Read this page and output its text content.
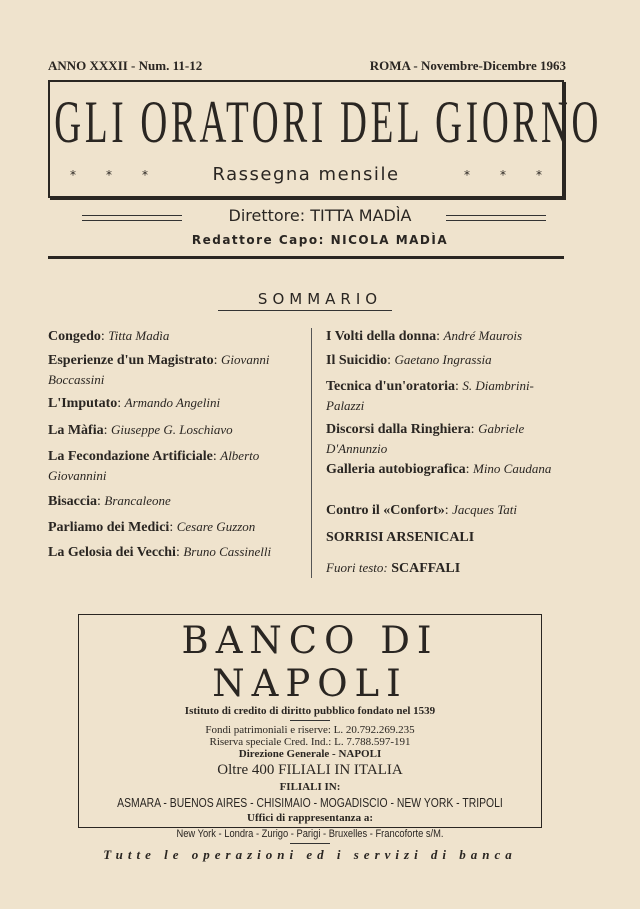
ANNO XXXII - Num. 11-12	ROMA - Novembre-Dicembre 1963
GLI ORATORI DEL GIORNO
*	*	*	Rassegna mensile	*	*	*
Direttore: TITTA MADÌA
Redattore Capo: NICOLA MADÌA
SOMMARIO
Congedo: Titta Madìa
Esperienze d'un Magistrato: Giovanni Boccassini
L'Imputato: Armando Angelini
La Màfia: Giuseppe G. Loschiavo
La Fecondazione Artificiale: Alberto Giovannini
Bisaccia: Brancaleone
Parliamo dei Medici: Cesare Guzzon
La Gelosia dei Vecchi: Bruno Cassinelli
I Volti della donna: André Maurois
Il Suicidio: Gaetano Ingrassia
Tecnica d'un'oratoria: S. Diambrini-Palazzi
Discorsi dalla Ringhiera: Gabriele D'Annunzio
Galleria autobiografica: Mino Caudana
Contro il «Confort»: Jacques Tati
SORRISI ARSENICALI
Fuori testo: SCAFFALI
BANCO DI NAPOLI
Istituto di credito di diritto pubblico fondato nel 1539
Fondi patrimoniali e riserve: L. 20.792.269.235
Riserva speciale Cred. Ind.: L. 7.788.597-191
Direzione Generale - NAPOLI
Oltre 400 FILIALI IN ITALIA
FILIALI IN:
ASMARA - BUENOS AIRES - CHISIMAIO - MOGADISCIO - NEW YORK - TRIPOLI
Uffici di rappresentanza a:
New York - Londra - Zurigo - Parigi - Bruxelles - Francoforte s/M.
Tutte le operazioni ed i servizi di banca
